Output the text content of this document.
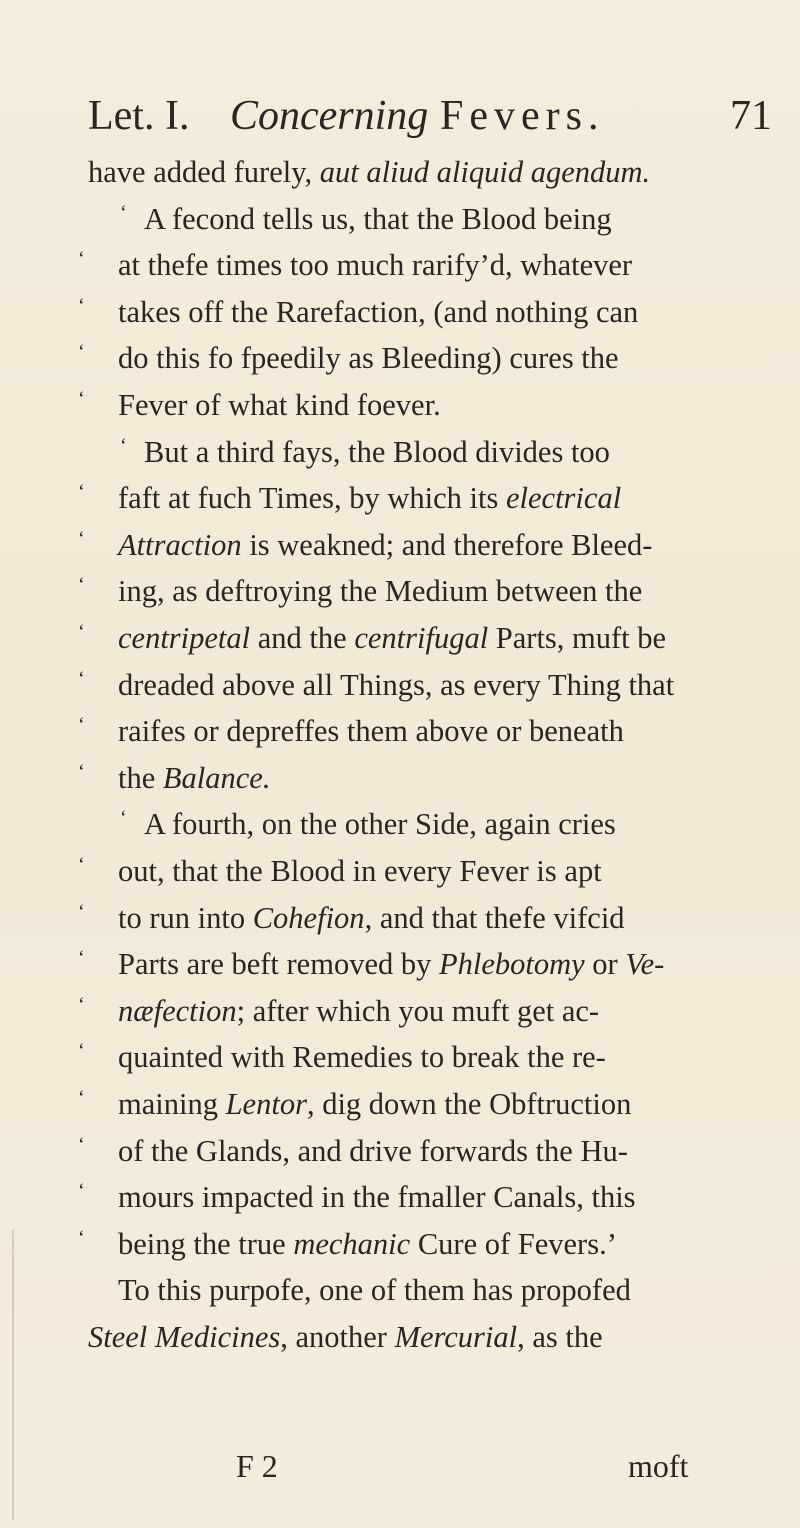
Let. I. Concerning Fevers.	71
have added furely, aut aliud aliquid agendum.
‘ A fecond tells us, that the Blood being
‘ at thefe times too much rarify’d, whatever
‘ takes off the Rarefaction, (and nothing can
‘ do this fo fpeedily as Bleeding) cures the
‘ Fever of what kind foever.
‘ But a third fays, the Blood divides too
‘ faft at fuch Times, by which its electrical
‘ Attraction is weakned; and therefore Bleed-
‘ ing, as deftroying the Medium between the
‘ centripetal and the centrifugal Parts, muft be
‘ dreaded above all Things, as every Thing that
‘ raifes or depreffes them above or beneath
‘ the Balance.
‘ A fourth, on the other Side, again cries
‘ out, that the Blood in every Fever is apt
‘ to run into Cohefion, and that thefe vifcid
‘ Parts are beft removed by Phlebotomy or Ve-
‘ næfection; after which you muft get ac-
‘ quainted with Remedies to break the re-
‘ maining Lentor, dig down the Obftruction
‘ of the Glands, and drive forwards the Hu-
‘ mours impacted in the fmaller Canals, this
‘ being the true mechanic Cure of Fevers.’
To this purpofe, one of them has propofed
Steel Medicines, another Mercurial, as the
F 2	moft
